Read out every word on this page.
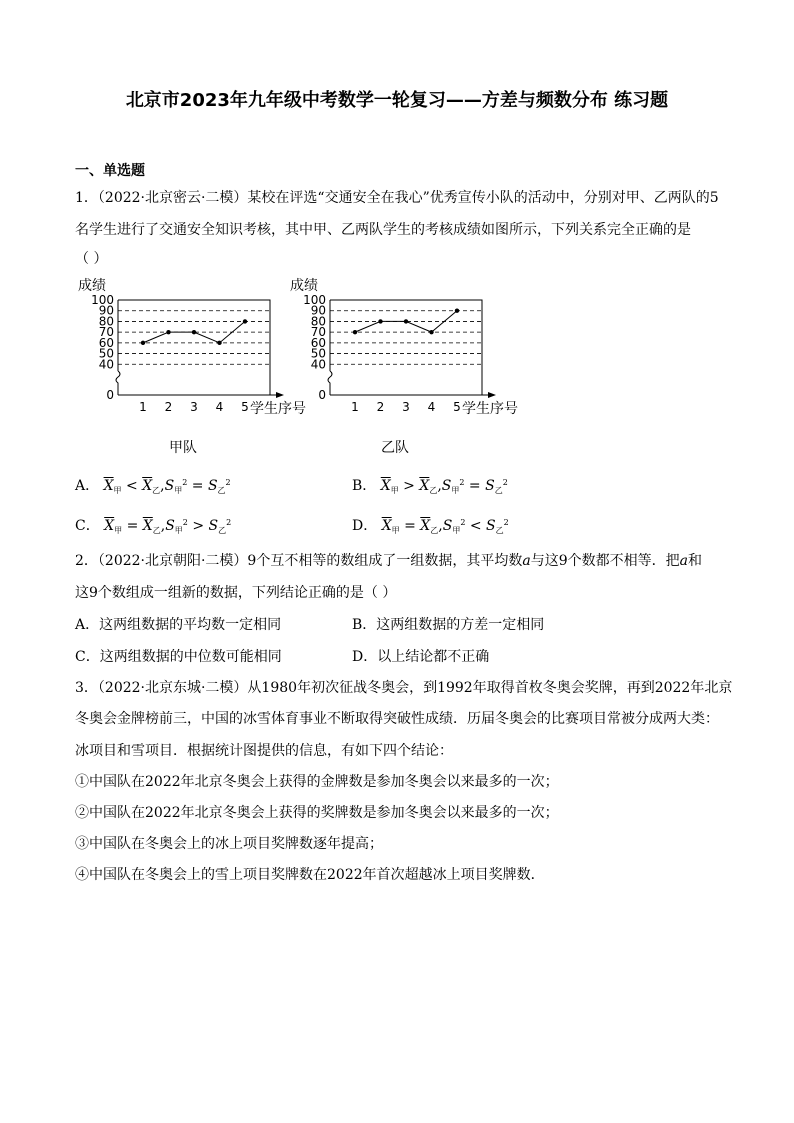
北京市2023年九年级中考数学一轮复习——方差与频数分布 练习题
一、单选题
1．（2022·北京密云·二模）某校在评选“交通安全在我心”优秀宣传小队的活动中，分别对甲、乙两队的5
名学生进行了交通安全知识考核，其中甲、乙两队学生的考核成绩如图所示，下列关系完全正确的是
（ ）
0
40
50
60
70
80
90
100
1 2 3 4 5
成绩
学生序号
甲队
0
40
50
60
70
80
90
100
1 2 3 4 5
成绩
学生序号
乙队
A． $\overline{X}_甲 < \overline{X}_乙,S_甲^2 = S_乙^2$	B． $\overline{X}_甲 > \overline{X}_乙,S_甲^2 = S_乙^2$
C． $\overline{X}_甲 = \overline{X}_乙,S_甲^2 > S_乙^2$	D． $\overline{X}_甲 = \overline{X}_乙,S_甲^2 < S_乙^2$
2．（2022·北京朝阳·二模）9个互不相等的数组成了一组数据，其平均数a与这9个数都不相等．把a和
这9个数组成一组新的数据，下列结论正确的是（ ）
A．这两组数据的平均数一定相同	B．这两组数据的方差一定相同
C．这两组数据的中位数可能相同	D．以上结论都不正确
3．（2022·北京东城·二模）从1980年初次征战冬奥会，到1992年取得首枚冬奥会奖牌，再到2022年北京
冬奥会金牌榜前三，中国的冰雪体育事业不断取得突破性成绩．历届冬奥会的比赛项目常被分成两大类：
冰项目和雪项目．根据统计图提供的信息，有如下四个结论：
①中国队在2022年北京冬奥会上获得的金牌数是参加冬奥会以来最多的一次；
②中国队在2022年北京冬奥会上获得的奖牌数是参加冬奥会以来最多的一次；
③中国队在冬奥会上的冰上项目奖牌数逐年提高；
④中国队在冬奥会上的雪上项目奖牌数在2022年首次超越冰上项目奖牌数．
